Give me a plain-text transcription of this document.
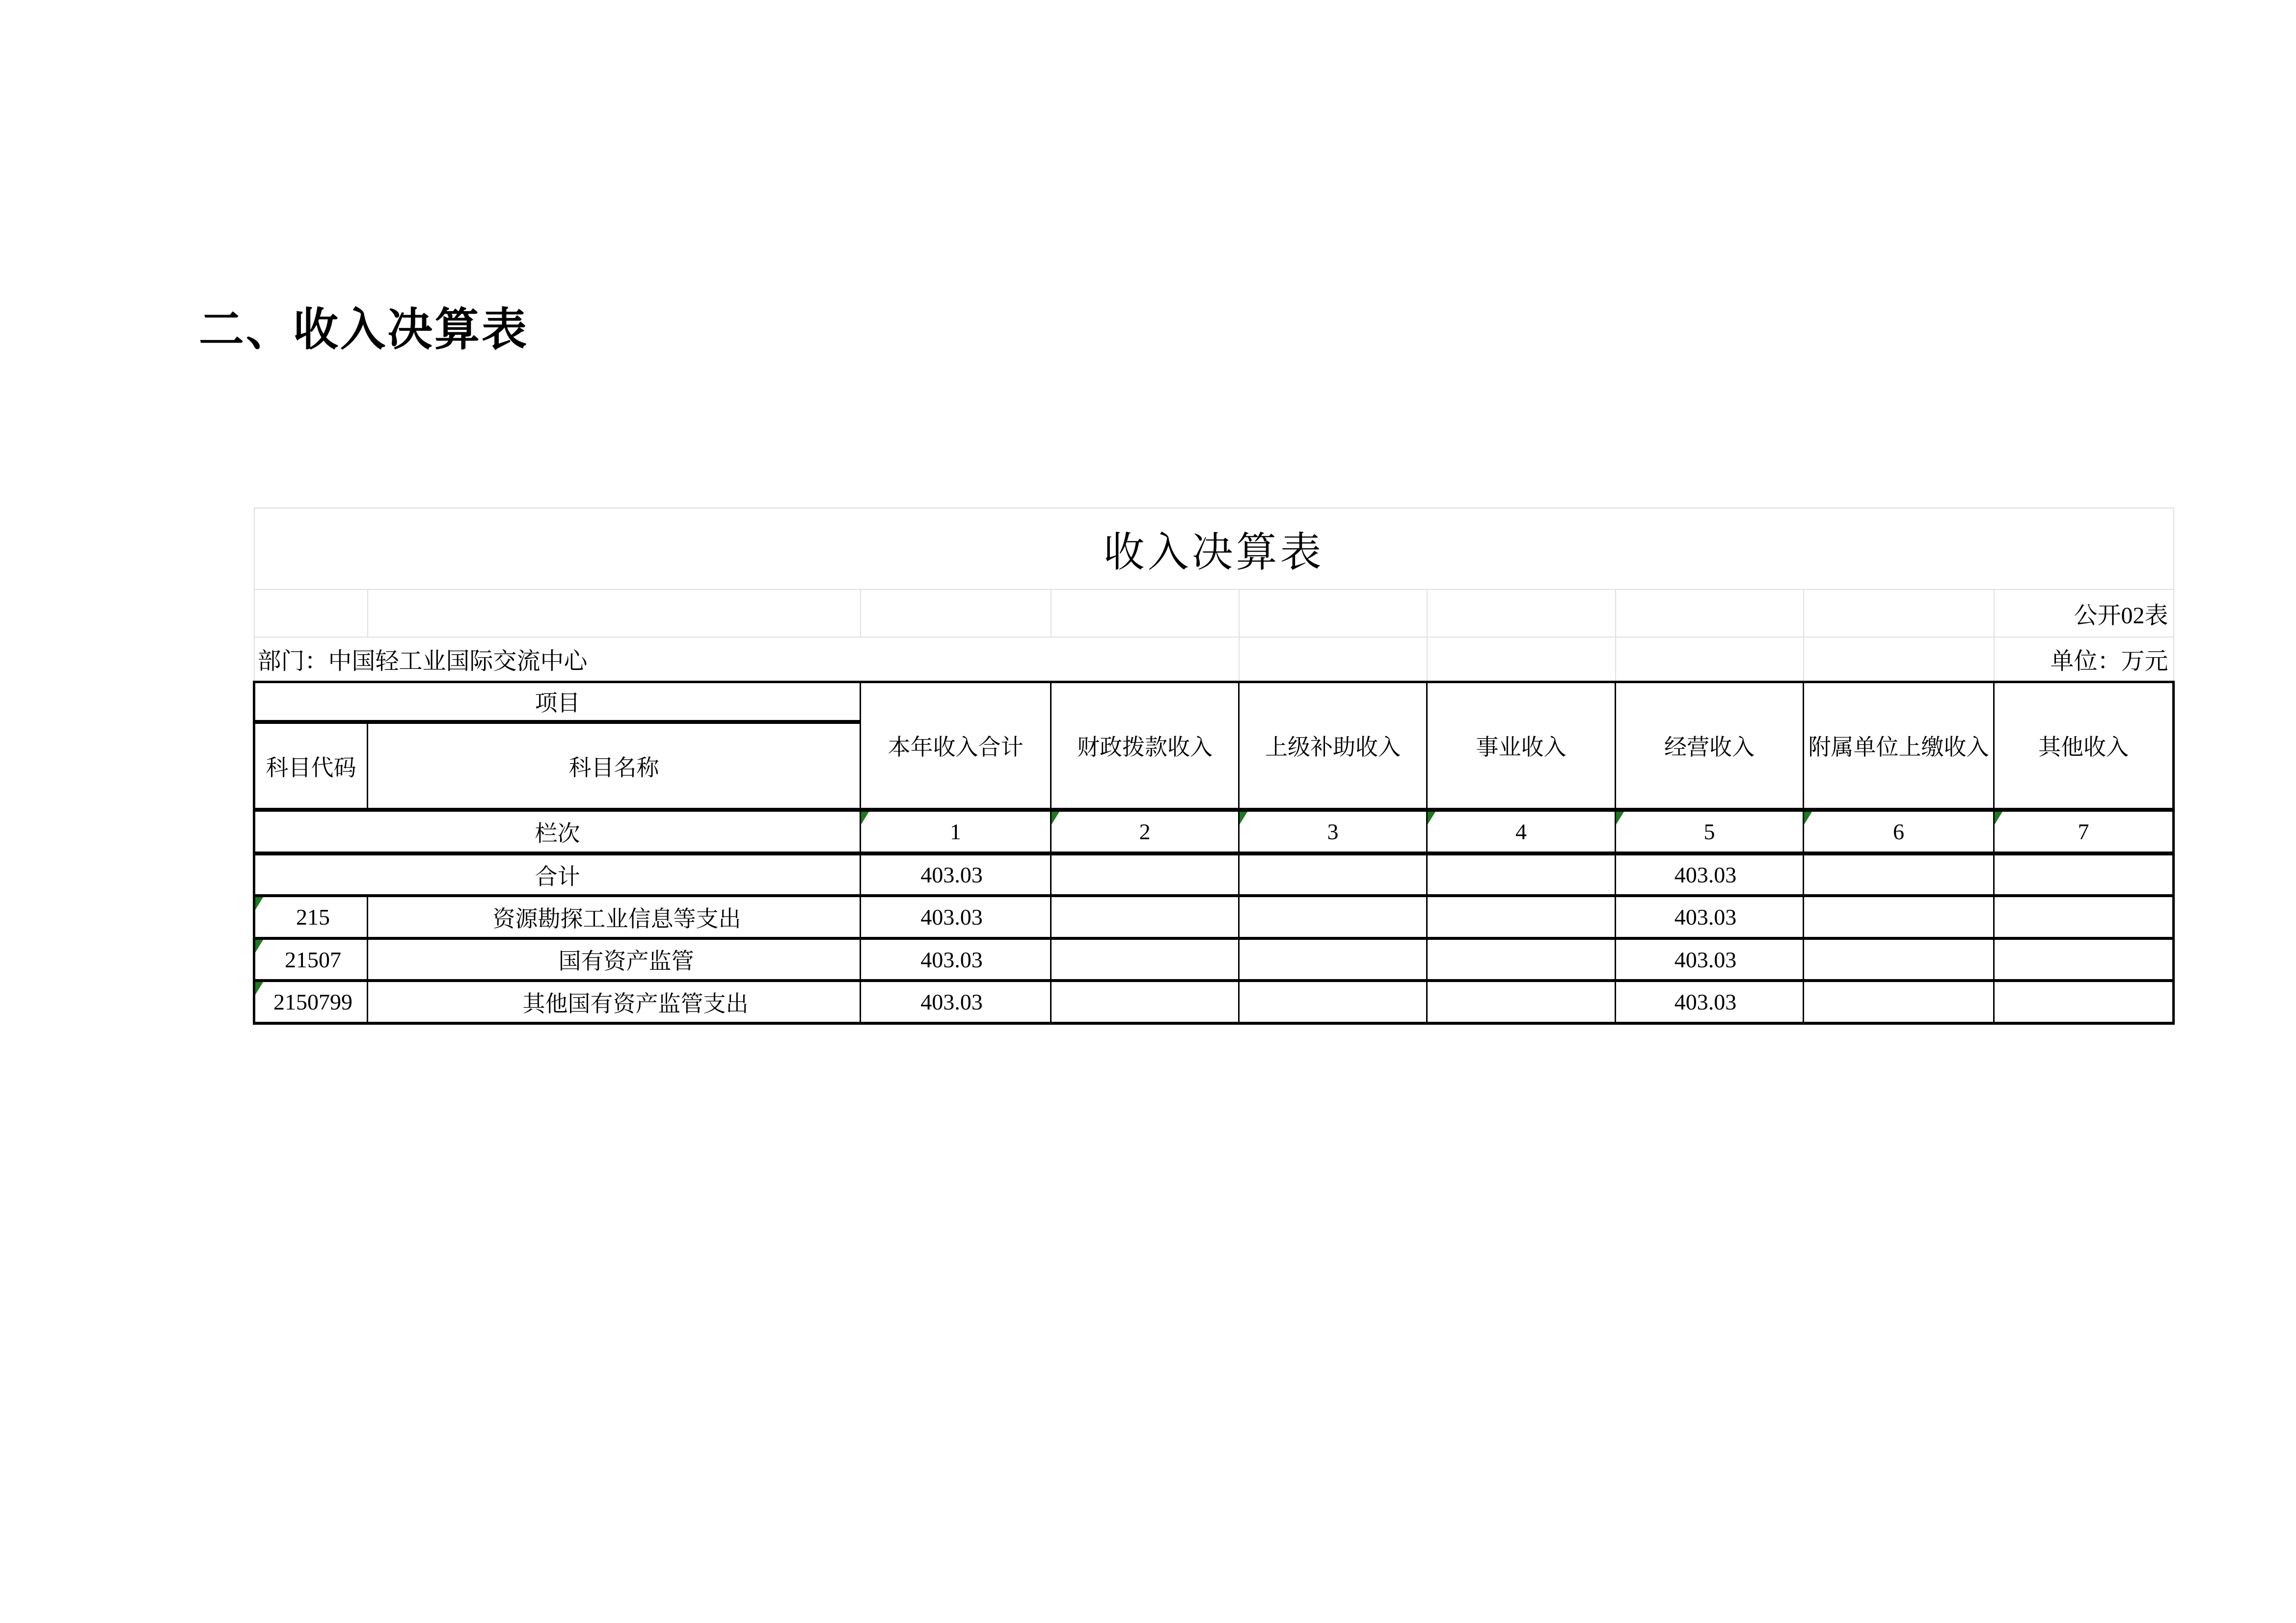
二、收入决算表
收入决算表								
								公开02表
部门：中国轻工业国际交流中心								单位：万元
项目		本年收入合计	财政拨款收入	上级补助收入	事业收入	经营收入	附属单位上缴收入	其他收入
科目代码	科目名称							
栏次		1	2	3	4	5	6	7
合计		403.03				403.03		

215	资源勘探工业信息等支出	403.03				403.03		

21507	国有资产监管	403.03				403.03		

2150799	其他国有资产监管支出	403.03				403.03		
